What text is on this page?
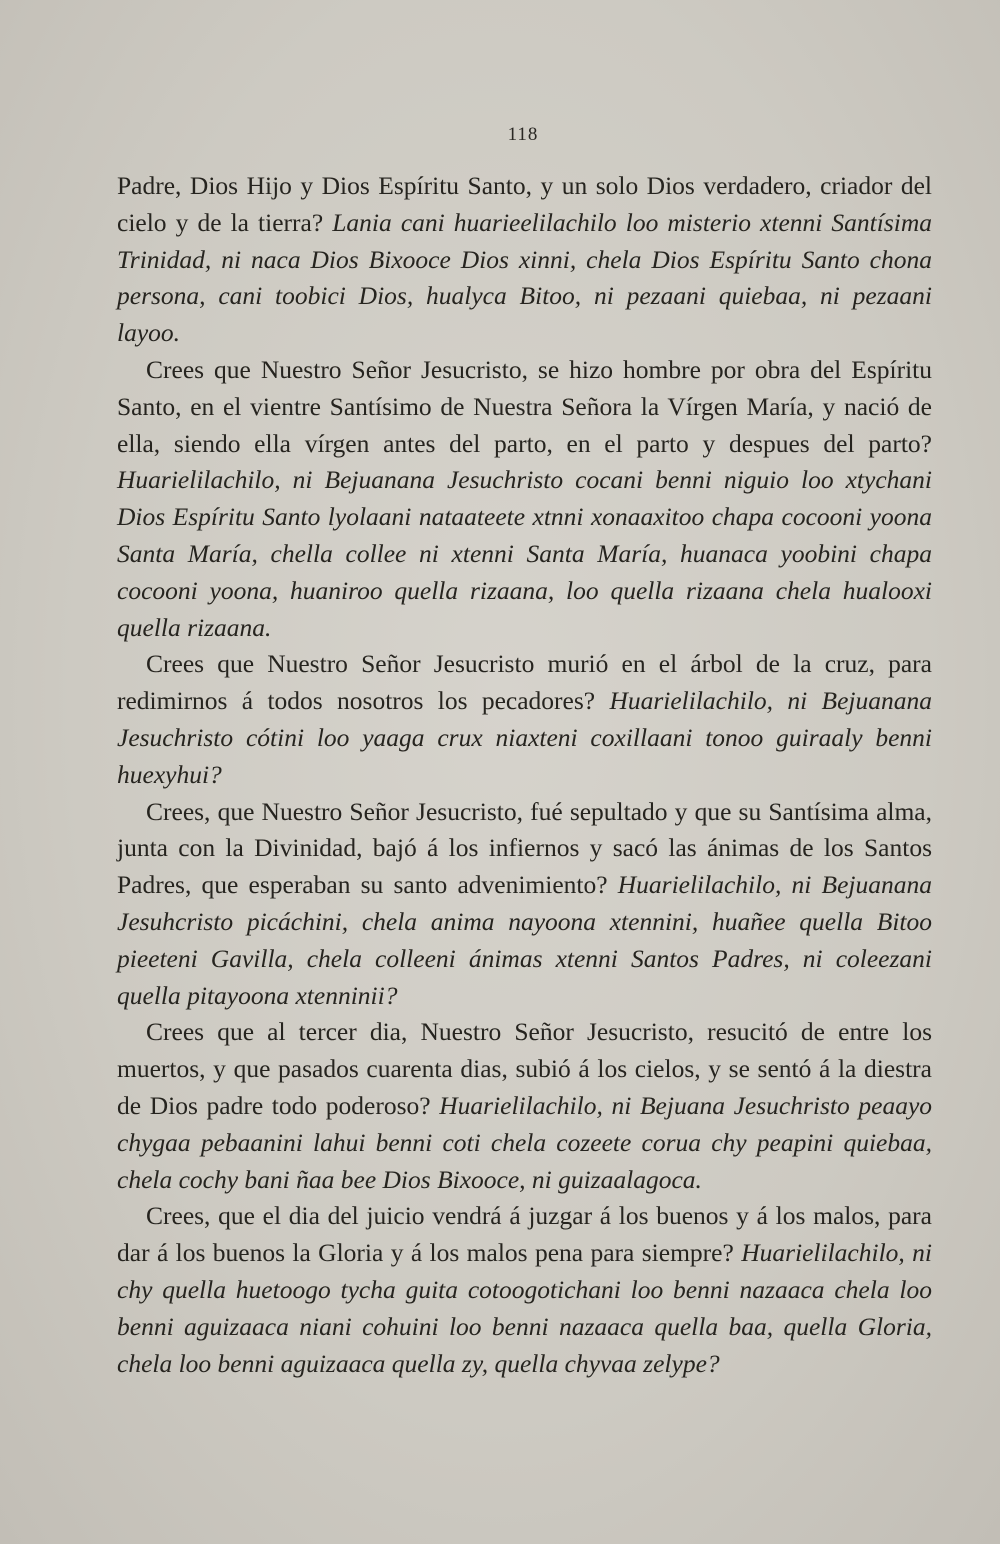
118

Padre, Dios Hijo y Dios Espíritu Santo, y un solo Dios verdadero, criador del cielo y de la tierra? Lania cani huarieelilachilo loo misterio xtenni Santísima Trinidad, ni naca Dios Bixooce Dios xinni, chela Dios Espíritu Santo chona persona, cani toobici Dios, hualyca Bitoo, ni pezaani quiebaa, ni pezaani layoo.

Crees que Nuestro Señor Jesucristo, se hizo hombre por obra del Espíritu Santo, en el vientre Santísimo de Nuestra Señora la Vírgen María, y nació de ella, siendo ella vírgen antes del parto, en el parto y despues del parto? Huarielilachilo, ni Bejuanana Jesuchristo cocani benni niguio loo xtychani Dios Espíritu Santo lyolaani nataateete xtnni xonaaxitoo chapa cocooni yoona Santa María, chella collee ni xtenni Santa María, huanaca yoobini chapa cocooni yoona, huaniroo quella rizaana, loo quella rizaana chela hualooxi quella rizaana.

Crees que Nuestro Señor Jesucristo murió en el árbol de la cruz, para redimirnos á todos nosotros los pecadores? Huarielilachilo, ni Bejuanana Jesuchristo cótini loo yaaga crux niaxteni coxillaani tonoo guiraaly benni huexyhui?

Crees, que Nuestro Señor Jesucristo, fué sepultado y que su Santísima alma, junta con la Divinidad, bajó á los infiernos y sacó las ánimas de los Santos Padres, que esperaban su santo advenimiento? Huarielilachilo, ni Bejuanana Jesuhcristo picáchini, chela anima nayoona xtennini, huañee quella Bitoo pieeteni Gavilla, chela colleeni ánimas xtenni Santos Padres, ni coleezani quella pitayoona xtenninii?

Crees que al tercer dia, Nuestro Señor Jesucristo, resucitó de entre los muertos, y que pasados cuarenta dias, subió á los cielos, y se sentó á la diestra de Dios padre todo poderoso? Huarielilachilo, ni Bejuana Jesuchristo peaayo chygaa pebaanini lahui benni coti chela cozeete corua chy peapini quiebaa, chela cochy bani ñaa bee Dios Bixooce, ni guizaalagoca.

Crees, que el dia del juicio vendrá á juzgar á los buenos y á los malos, para dar á los buenos la Gloria y á los malos pena para siempre? Huarielilachilo, ni chy quella huetoogo tycha guita cotoogotichani loo benni nazaaca chela loo benni aguizaaca niani cohuini loo benni nazaaca quella baa, quella Gloria, chela loo benni aguizaaca quella zy, quella chyvaa zelype?
